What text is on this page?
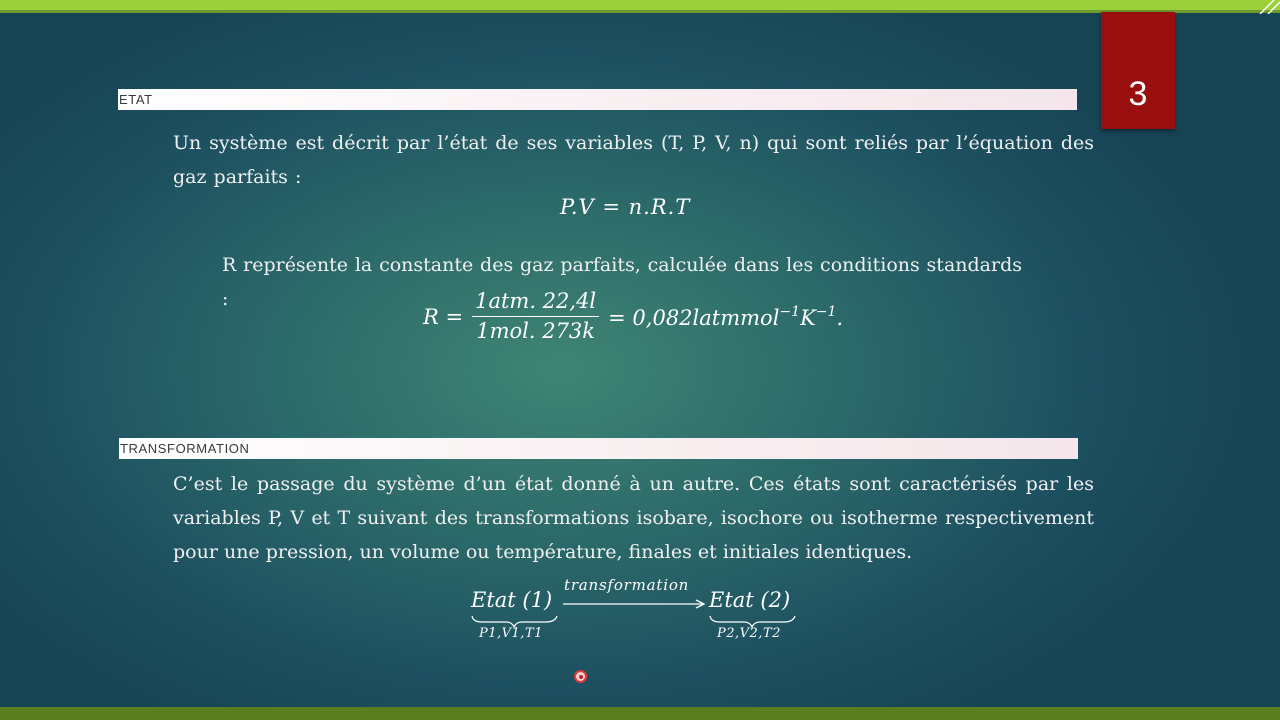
3
ETAT

Un système est décrit par l’état de ses variables (T, P, V, n) qui sont reliés par l’équation des gaz parfaits :

P.V = n.R.T

R représente la constante des gaz parfaits, calculée dans les conditions standards :

$R = \frac{\text{1atm. 22,4l}}{\text{1mol. 273k}}$ = $0,082latmmol^{-1}K^{-1}$.
TRANSFORMATION

C’est le passage du système d’un état donné à un autre. Ces états sont caractérisés par les variables P, V et T suivant des transformations isobare, isochore ou isotherme respectivement pour une pression, un volume ou température, finales et initiales identiques.

Etat (1)
transformation
Etat (2)
P1,V1,T1	P2,V2,T2
